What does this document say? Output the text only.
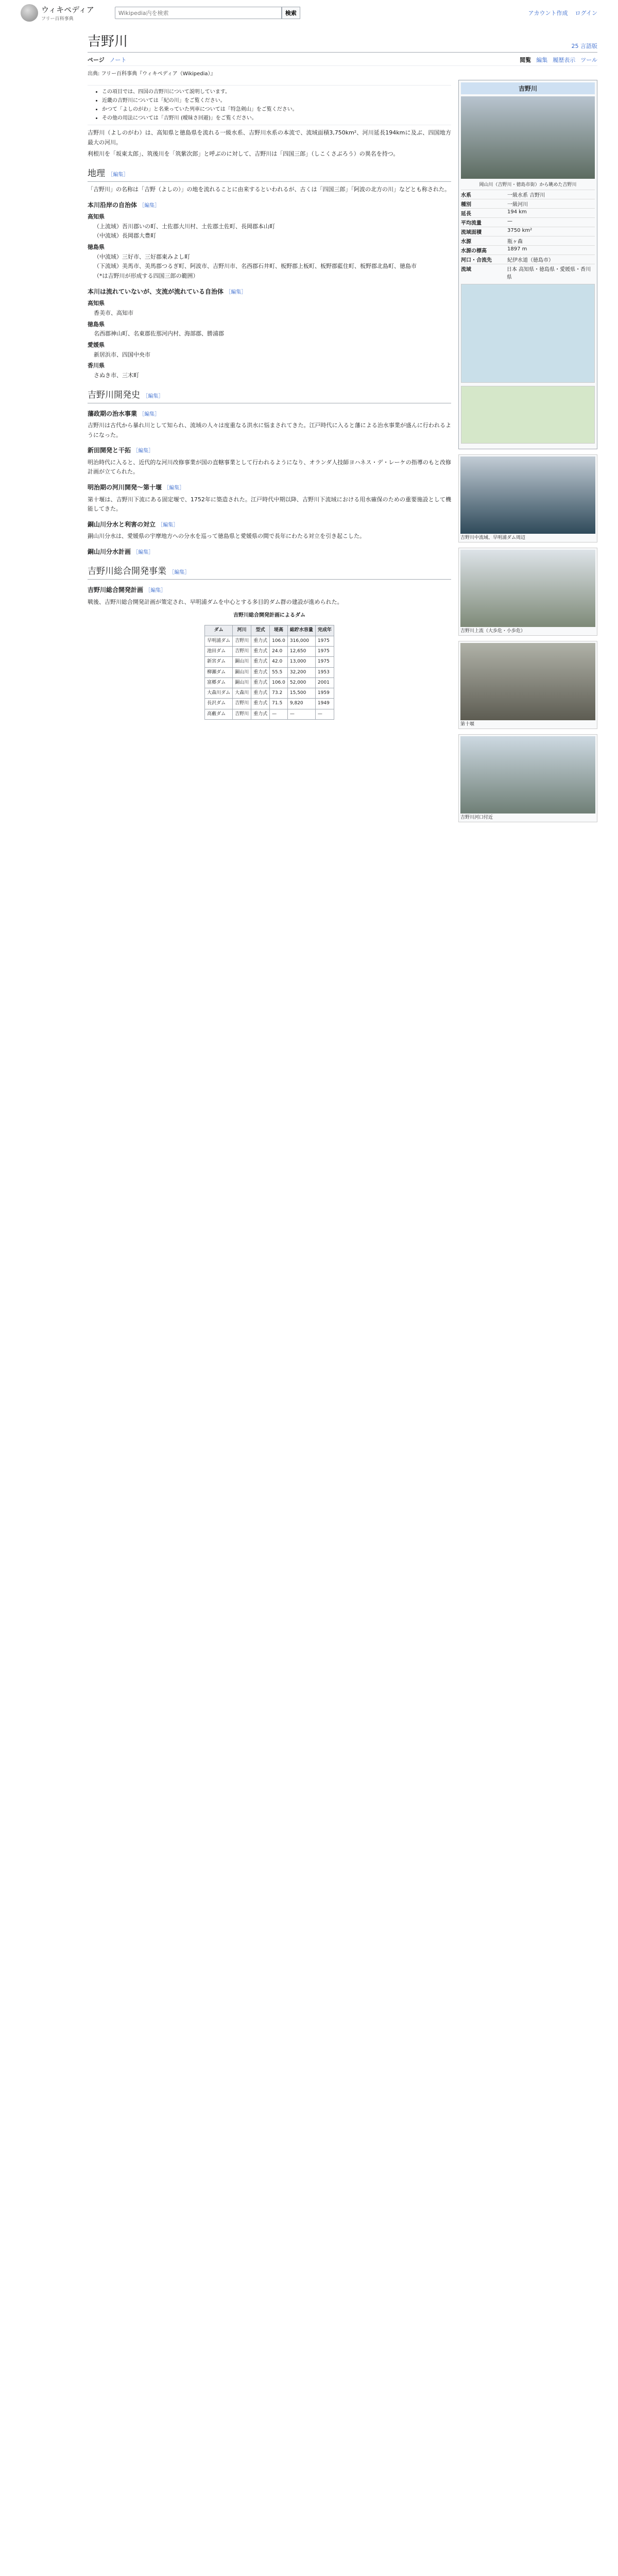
ウィキペディア
フリー百科事典
Wikipedia内を検索
検索	アカウント作成 ログイン
吉野川	25 言語版
ページ ノート	閲覧 編集 履歴表示 ツール
出典: フリー百科事典『ウィキペディア（Wikipedia）』
• この項目では、四国の吉野川について説明しています。
• 近畿の吉野川については「紀の川」をご覧ください。
• かつて「よしのがわ」と名乗っていた列車については「特急剣山」をご覧ください。
• その他の用法については「吉野川 (曖昧さ回避)」をご覧ください。

吉野川（よしのがわ）は、高知県と徳島県を流れる一級水系、吉野川水系の本流で、流域面積3,750km²、河川延長194kmに及ぶ、四国地方最大の河川。

利根川を「坂東太郎」、筑後川を「筑紫次郎」と呼ぶのに対して、吉野川は「四国三郎」（しこくさぶろう）の異名を持つ。

地理 ［編集］

「吉野川」の名称は「吉野（よしの）」の地を流れることに由来するといわれるが、古くは「四国三郎」「阿波の北方の川」などとも称された。

本川沿岸の自治体 ［編集］

高知県

（上流域）吾川郡いの町、土佐郡大川村、土佐郡土佐町、長岡郡本山町

（中流域）長岡郡大豊町

徳島県

（中流域）三好市、三好郡東みよし町

（下流域）美馬市、美馬郡つるぎ町、阿波市、吉野川市、名西郡石井町、板野郡上板町、板野郡藍住町、板野郡北島町、徳島市

（*は吉野川が形成する四国三郎の範囲）

本川は流れていないが、支流が流れている自治体 ［編集］

高知県

香美市、高知市

徳島県

名西郡神山町、名東郡佐那河内村、海部郡、勝浦郡

愛媛県

新居浜市、四国中央市

香川県

さぬき市、三木町

吉野川開発史 ［編集］
藩政期の治水事業 ［編集］

吉野川は古代から暴れ川として知られ、流域の人々は度重なる洪水に悩まされてきた。江戸時代に入ると藩による治水事業が盛んに行われるようになった。

新田開発と干拓 ［編集］

明治時代に入ると、近代的な河川改修事業が国の直轄事業として行われるようになり、オランダ人技師ヨハネス・デ・レーケの指導のもと改修計画が立てられた。

明治期の河川開発〜第十堰 ［編集］

第十堰は、吉野川下流にある固定堰で、1752年に築造された。江戸時代中期以降、吉野川下流域における用水確保のための重要施設として機能してきた。

銅山川分水と利害の対立 ［編集］

銅山川分水は、愛媛県の宇摩地方への分水を巡って徳島県と愛媛県の間で長年にわたる対立を引き起こした。

銅山川分水計画 ［編集］
吉野川総合開発事業 ［編集］
吉野川総合開発計画 ［編集］

戦後、吉野川総合開発計画が策定され、早明浦ダムを中心とする多目的ダム群の建設が進められた。

吉野川総合開発計画によるダム
ダム	河川	型式	堤高	総貯水容量	完成年
早明浦ダム	吉野川	重力式	106.0	316,000	1975
池田ダム	吉野川	重力式	24.0	12,650	1975
新宮ダム	銅山川	重力式	42.0	13,000	1975
柳瀬ダム	銅山川	重力式	55.5	32,200	1953
富郷ダム	銅山川	重力式	106.0	52,000	2001
大森川ダム	大森川	重力式	73.2	15,500	1959
長沢ダム	吉野川	重力式	71.5	9,820	1949
高藪ダム	吉野川	重力式	—	—	—
吉野川
岡山川（吉野川・徳島市街）から眺めた吉野川
水系	一級水系 吉野川
種別	一級河川
延長	194 km
平均流量	—
流域面積	3750 km²
水源	瓶ヶ森
水源の標高	1897 m
河口・合流先	紀伊水道（徳島市）
流域	日本 高知県・徳島県・愛媛県・香川県
吉野川中流域、早明浦ダム周辺
吉野川上流（大歩危・小歩危）
第十堰
吉野川河口付近
